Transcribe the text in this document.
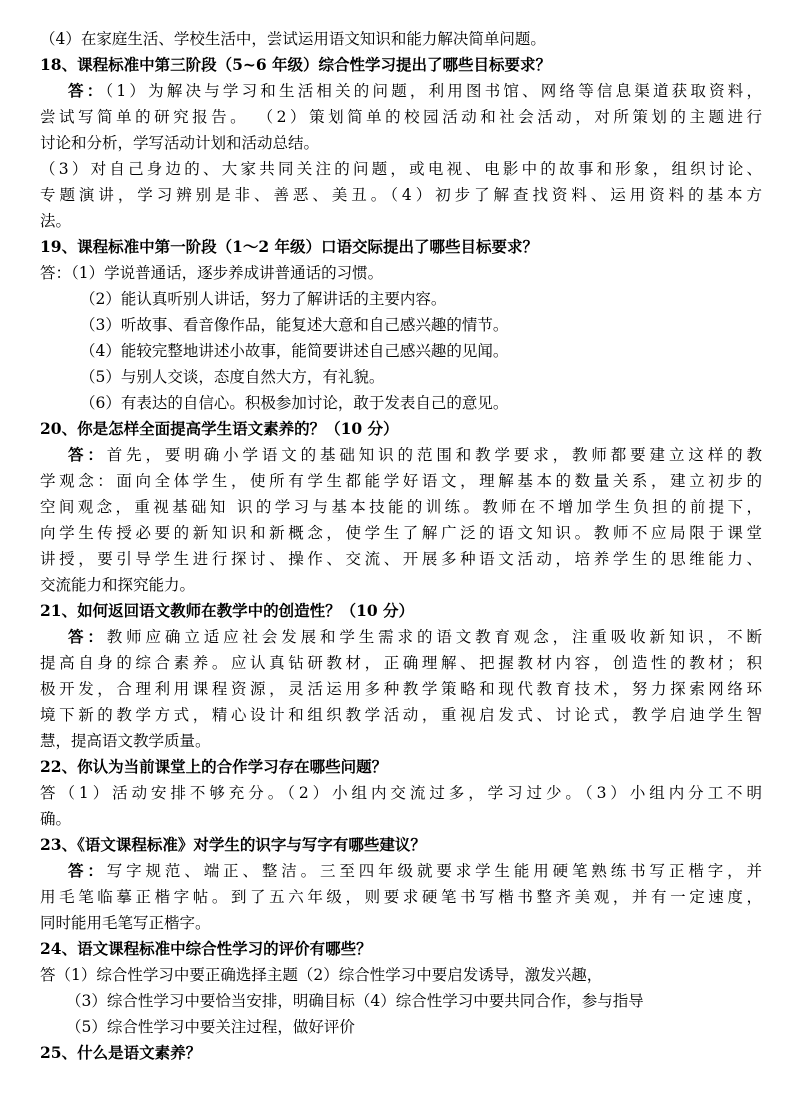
（4）在家庭生活、学校生活中，尝试运用语文知识和能力解决简单问题。
18、课程标准中第三阶段（5~6 年级）综合性学习提出了哪些目标要求？
答：（1）为解决与学习和生活相关的问题，利用图书馆、网络等信息渠道获取资料，
尝试写简单的研究报告。 （2）策划简单的校园活动和社会活动，对所策划的主题进行
讨论和分析，学写活动计划和活动总结。
（3）对自己身边的、大家共同关注的问题，或电视、电影中的故事和形象，组织讨论、
专题演讲，学习辨别是非、善恶、美丑。（4）初步了解查找资料、运用资料的基本方
法。
19、课程标准中第一阶段（1～2 年级）口语交际提出了哪些目标要求？
答：（1）学说普通话，逐步养成讲普通话的习惯。
（2）能认真听别人讲话，努力了解讲话的主要内容。
（3）听故事、看音像作品，能复述大意和自己感兴趣的情节。
（4）能较完整地讲述小故事，能简要讲述自己感兴趣的见闻。
（5）与别人交谈，态度自然大方，有礼貌。
（6）有表达的自信心。积极参加讨论，敢于发表自己的意见。
20、你是怎样全面提高学生语文素养的？（10 分）
答：首先，要明确小学语文的基础知识的范围和教学要求，教师都要建立这样的教
学观念：面向全体学生，使所有学生都能学好语文，理解基本的数量关系，建立初步的
空间观念，重视基础知 识的学习与基本技能的训练。教师在不增加学生负担的前提下，
向学生传授必要的新知识和新概念，使学生了解广泛的语文知识。教师不应局限于课堂
讲授，要引导学生进行探讨、操作、交流、开展多种语文活动，培养学生的思维能力、
交流能力和探究能力。
21、如何返回语文教师在教学中的创造性？（10 分）
答：教师应确立适应社会发展和学生需求的语文教育观念，注重吸收新知识，不断
提高自身的综合素养。应认真钻研教材，正确理解、把握教材内容，创造性的教材；积
极开发，合理利用课程资源，灵活运用多种教学策略和现代教育技术，努力探索网络环
境下新的教学方式，精心设计和组织教学活动，重视启发式、讨论式，教学启迪学生智
慧，提高语文教学质量。
22、你认为当前课堂上的合作学习存在哪些问题？
答（1）活动安排不够充分。（2）小组内交流过多，学习过少。（3）小组内分工不明
确。
23、《语文课程标准》对学生的识字与写字有哪些建议？
答：写字规范、端正、整洁。三至四年级就要求学生能用硬笔熟练书写正楷字，并
用毛笔临摹正楷字帖。到了五六年级，则要求硬笔书写楷书整齐美观，并有一定速度，
同时能用毛笔写正楷字。
24、语文课程标准中综合性学习的评价有哪些？
答（1）综合性学习中要正确选择主题（2）综合性学习中要启发诱导，激发兴趣，
（3）综合性学习中要恰当安排，明确目标（4）综合性学习中要共同合作，参与指导
（5）综合性学习中要关注过程，做好评价
25、什么是语文素养？
